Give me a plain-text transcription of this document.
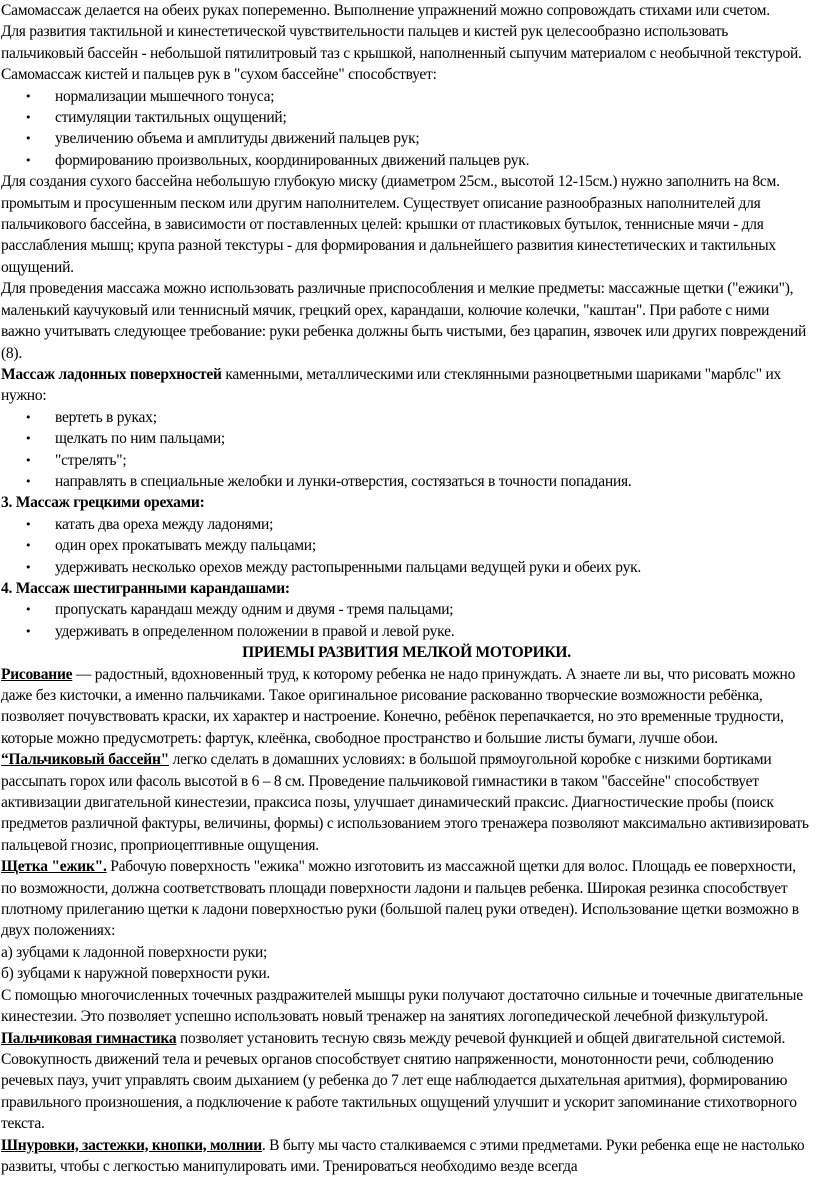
Самомассаж делается на обеих руках попеременно. Выполнение упражнений можно сопровождать стихами или счетом.

Для развития тактильной и кинестетической чувствительности пальцев и кистей рук целесообразно использовать пальчиковый бассейн - небольшой пятилитровый таз с крышкой, наполненный сыпучим материалом с необычной текстурой.

Самомассаж кистей и пальцев рук в "сухом бассейне" способствует:

• нормализации мышечного тонуса;
• стимуляции тактильных ощущений;
• увеличению объема и амплитуды движений пальцев рук;
• формированию произвольных, координированных движений пальцев рук.

Для создания сухого бассейна небольшую глубокую миску (диаметром 25см., высотой 12-15см.) нужно заполнить на 8см. промытым и просушенным песком или другим наполнителем. Существует описание разнообразных наполнителей для пальчикового бассейна, в зависимости от поставленных целей: крышки от пластиковых бутылок, теннисные мячи - для расслабления мышц; крупа разной текстуры - для формирования и дальнейшего развития кинестетических и тактильных ощущений.

Для проведения массажа можно использовать различные приспособления и мелкие предметы: массажные щетки ("ежики"), маленький каучуковый или теннисный мячик, грецкий орех, карандаши, колючие колечки, "каштан". При работе с ними важно учитывать следующее требование: руки ребенка должны быть чистыми, без царапин, язвочек или других повреждений (8).

Массаж ладонных поверхностей каменными, металлическими или стеклянными разноцветными шариками "марблс" их нужно:

• вертеть в руках;
• щелкать по ним пальцами;
• "стрелять";
• направлять в специальные желобки и лунки-отверстия, состязаться в точности попадания.

3. Массаж грецкими орехами:

• катать два ореха между ладонями;
• один орех прокатывать между пальцами;
• удерживать несколько орехов между растопыренными пальцами ведущей руки и обеих рук.

4. Массаж шестигранными карандашами:

• пропускать карандаш между одним и двумя - тремя пальцами;
• удерживать в определенном положении в правой и левой руке.

ПРИЕМЫ РАЗВИТИЯ МЕЛКОЙ МОТОРИКИ.

Рисование — радостный, вдохновенный труд, к которому ребенка не надо принуждать. А знаете ли вы, что рисовать можно даже без кисточки, а именно пальчиками. Такое оригинальное рисование раскованно творческие возможности ребёнка, позволяет почувствовать краски, их характер и настроение. Конечно, ребёнок перепачкается, но это временные трудности, которые можно предусмотреть: фартук, клеёнка, свободное пространство и большие листы бумаги, лучше обои.

“Пальчиковый бассейн" легко сделать в домашних условиях: в большой прямоугольной коробке с низкими бортиками рассыпать горох или фасоль высотой в 6 – 8 см. Проведение пальчиковой гимнастики в таком "бассейне" способствует активизации двигательной кинестезии, праксиса позы, улучшает динамический праксис. Диагностические пробы (поиск предметов различной фактуры, величины, формы) с использованием этого тренажера позволяют максимально активизировать пальцевой гнозис, проприоцептивные ощущения.

Щетка "ежик". Рабочую поверхность "ежика" можно изготовить из массажной щетки для волос. Площадь ее поверхности, по возможности, должна соответствовать площади поверхности ладони и пальцев ребенка. Широкая резинка способствует плотному прилеганию щетки к ладони поверхностью руки (большой палец руки отведен). Использование щетки возможно в двух положениях:

а) зубцами к ладонной поверхности руки;

б) зубцами к наружной поверхности руки.

С помощью многочисленных точечных раздражителей мышцы руки получают достаточно сильные и точечные двигательные кинестезии. Это позволяет успешно использовать новый тренажер на занятиях логопедической лечебной физкультурой.

Пальчиковая гимнастика позволяет установить тесную связь между речевой функцией и общей двигательной системой. Совокупность движений тела и речевых органов способствует снятию напряженности, монотонности речи, соблюдению речевых пауз, учит управлять своим дыханием (у ребенка до 7 лет еще наблюдается дыхательная аритмия), формированию правильного произношения, а подключение к работе тактильных ощущений улучшит и ускорит запоминание стихотворного текста.

Шнуровки, застежки, кнопки, молнии. В быту мы часто сталкиваемся с этими предметами. Руки ребенка еще не настолько развиты, чтобы с легкостью манипулировать ими. Тренироваться необходимо везде всегда
